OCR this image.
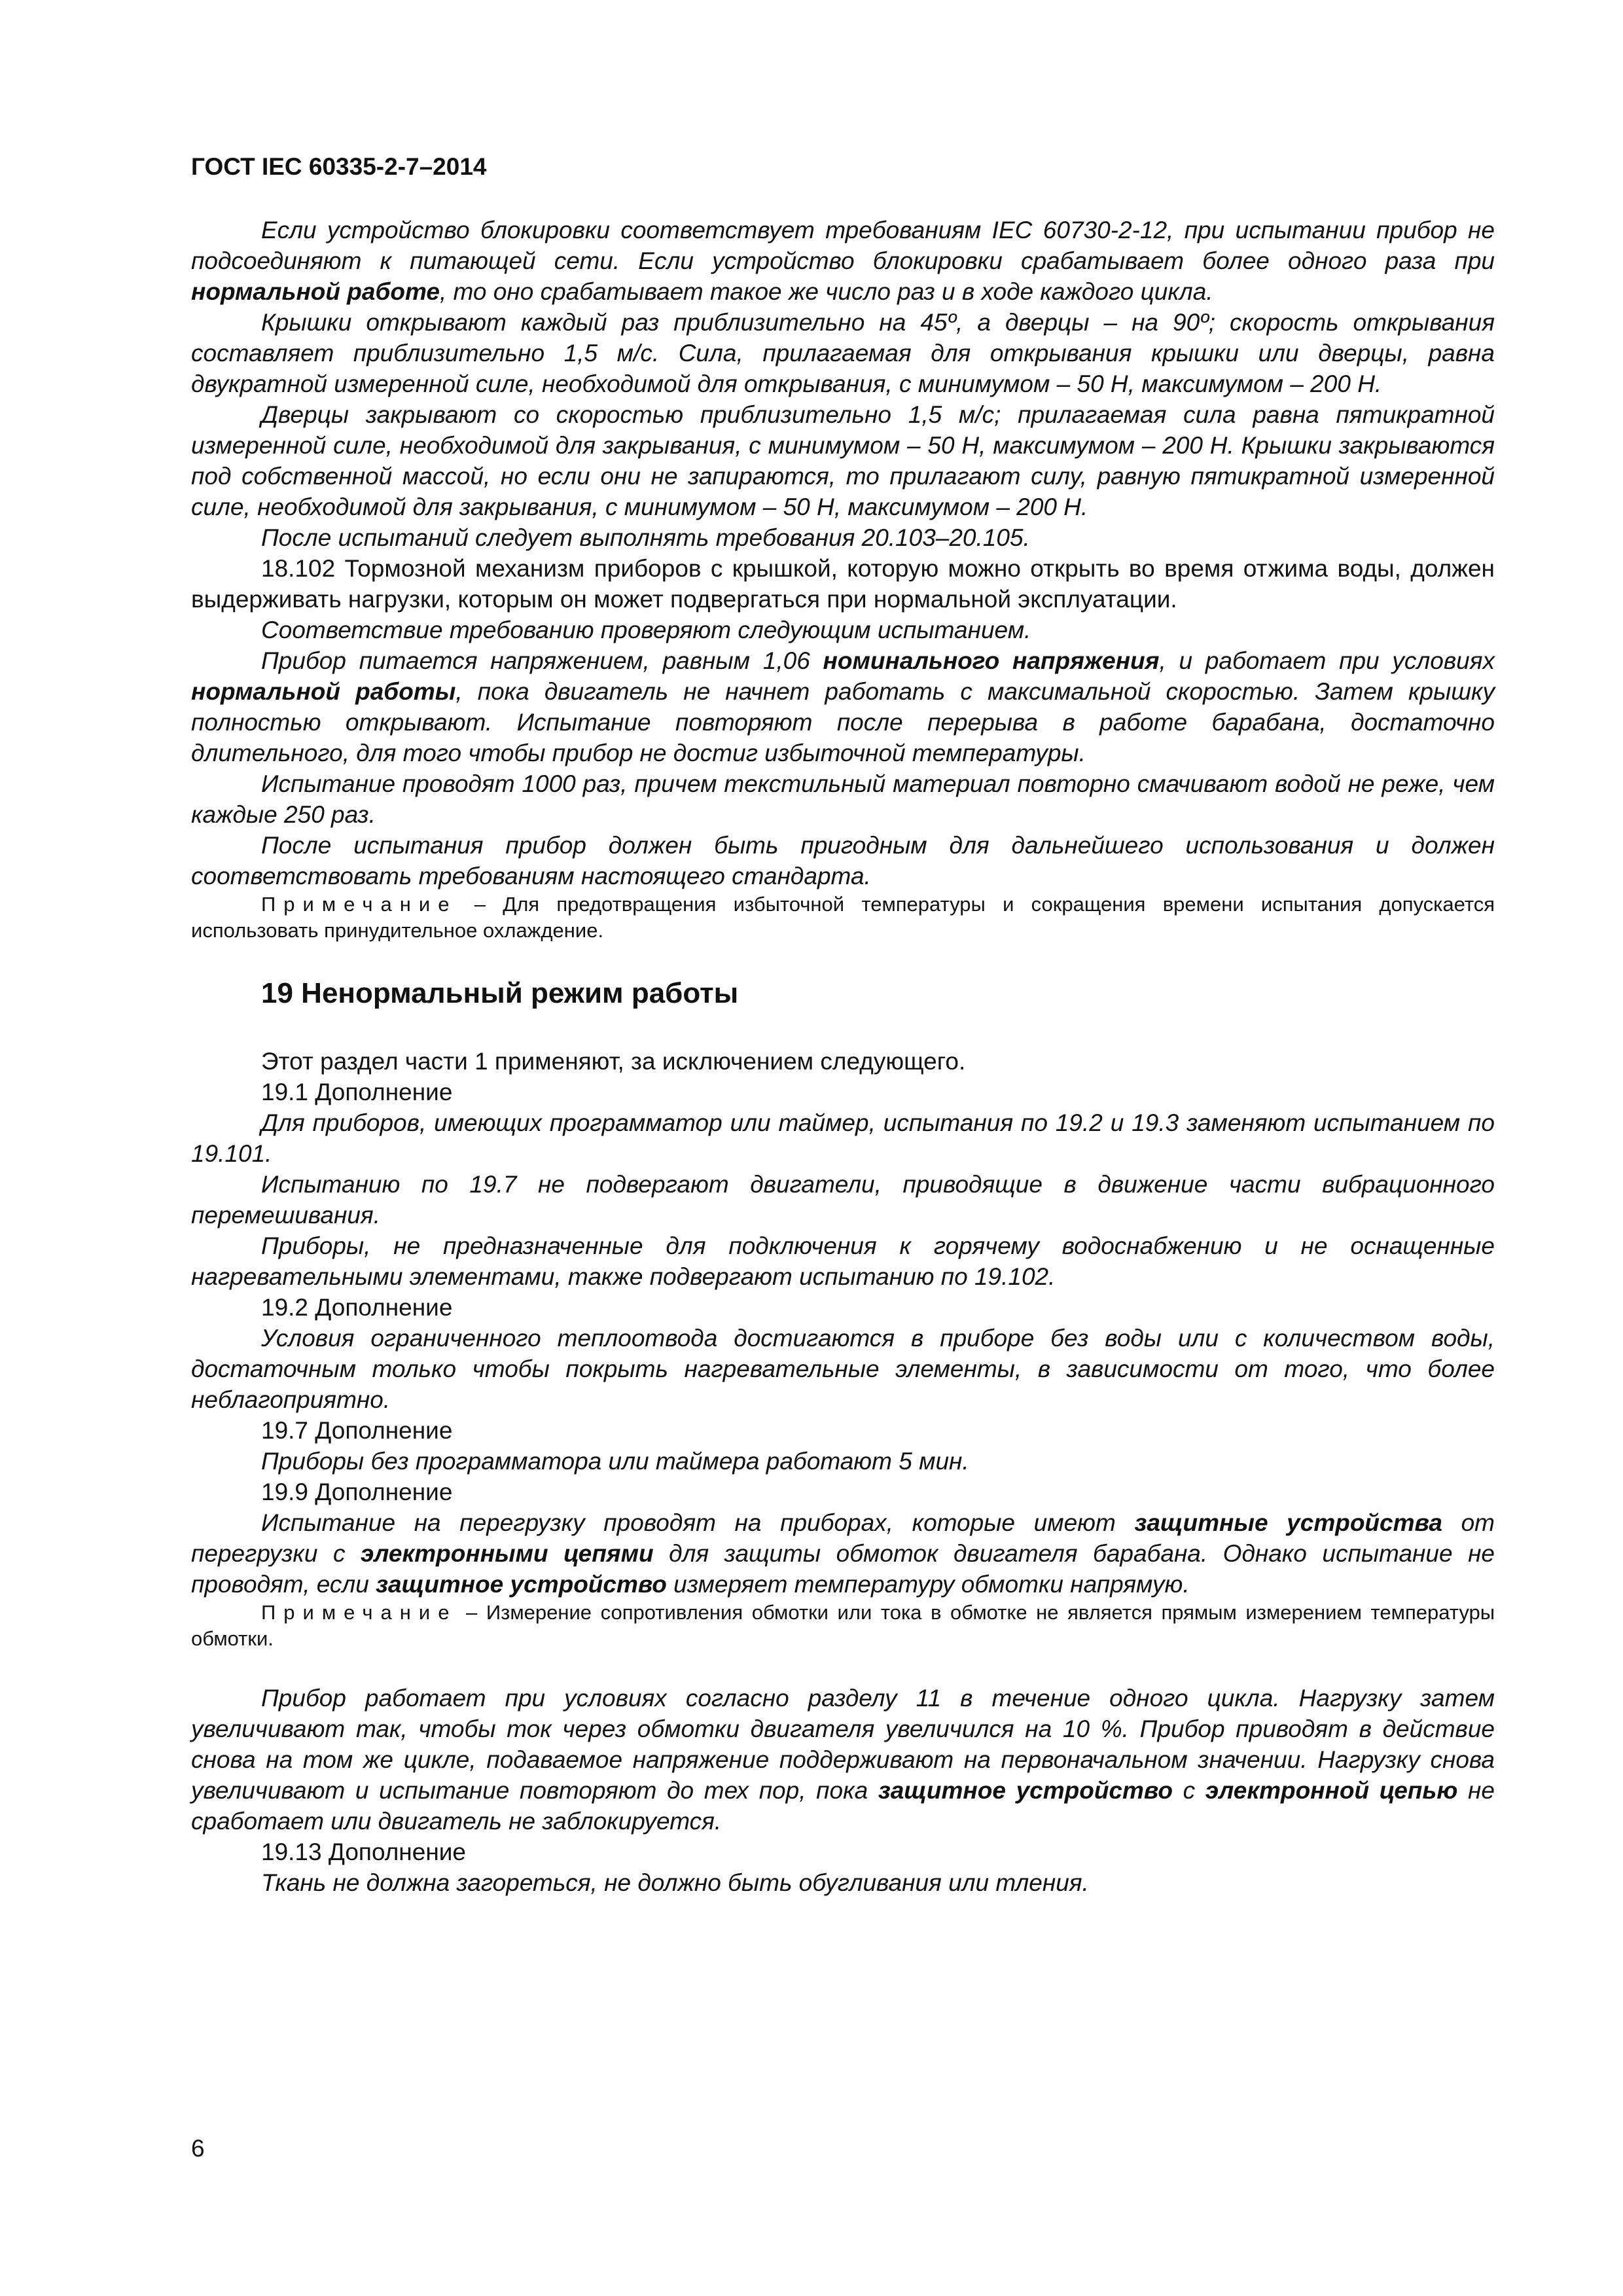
ГОСТ IEC 60335-2-7–2014

Если устройство блокировки соответствует требованиям IEC 60730-2-12, при испытании прибор не подсоединяют к питающей сети. Если устройство блокировки срабатывает более одного раза при нормальной работе, то оно срабатывает такое же число раз и в ходе каждого цикла.

Крышки открывают каждый раз приблизительно на 45º, а дверцы – на 90º; скорость открывания составляет приблизительно 1,5 м/с. Сила, прилагаемая для открывания крышки или дверцы, равна двукратной измеренной силе, необходимой для открывания, с минимумом – 50 Н, максимумом – 200 Н.

Дверцы закрывают со скоростью приблизительно 1,5 м/с; прилагаемая сила равна пятикратной измеренной силе, необходимой для закрывания, с минимумом – 50 Н, максимумом – 200 Н. Крышки закрываются под собственной массой, но если они не запираются, то прилагают силу, равную пятикратной измеренной силе, необходимой для закрывания, с минимумом – 50 Н, максимумом – 200 Н.

После испытаний следует выполнять требования 20.103–20.105.

18.102 Тормозной механизм приборов с крышкой, которую можно открыть во время отжима воды, должен выдерживать нагрузки, которым он может подвергаться при нормальной эксплуатации.

Соответствие требованию проверяют следующим испытанием.

Прибор питается напряжением, равным 1,06 номинального напряжения, и работает при условиях нормальной работы, пока двигатель не начнет работать с максимальной скоростью. Затем крышку полностью открывают. Испытание повторяют после перерыва в работе барабана, достаточно длительного, для того чтобы прибор не достиг избыточной температуры.

Испытание проводят 1000 раз, причем текстильный материал повторно смачивают водой не реже, чем каждые 250 раз.

После испытания прибор должен быть пригодным для дальнейшего использования и должен соответствовать требованиям настоящего стандарта.

Примечание – Для предотвращения избыточной температуры и сокращения времени испытания допускается использовать принудительное охлаждение.

19 Ненормальный режим работы

Этот раздел части 1 применяют, за исключением следующего.

19.1 Дополнение

Для приборов, имеющих программатор или таймер, испытания по 19.2 и 19.3 заменяют испытанием по 19.101.

Испытанию по 19.7 не подвергают двигатели, приводящие в движение части вибрационного перемешивания.

Приборы, не предназначенные для подключения к горячему водоснабжению и не оснащенные нагревательными элементами, также подвергают испытанию по 19.102.

19.2 Дополнение

Условия ограниченного теплоотвода достигаются в приборе без воды или с количеством воды, достаточным только чтобы покрыть нагревательные элементы, в зависимости от того, что более неблагоприятно.

19.7 Дополнение

Приборы без программатора или таймера работают 5 мин.

19.9 Дополнение

Испытание на перегрузку проводят на приборах, которые имеют защитные устройства от перегрузки с электронными цепями для защиты обмоток двигателя барабана. Однако испытание не проводят, если защитное устройство измеряет температуру обмотки напрямую.

Примечание – Измерение сопротивления обмотки или тока в обмотке не является прямым измерением температуры обмотки.

Прибор работает при условиях согласно разделу 11 в течение одного цикла. Нагрузку затем увеличивают так, чтобы ток через обмотки двигателя увеличился на 10 %. Прибор приводят в действие снова на том же цикле, подаваемое напряжение поддерживают на первоначальном значении. Нагрузку снова увеличивают и испытание повторяют до тех пор, пока защитное устройство с электронной цепью не сработает или двигатель не заблокируется.

19.13 Дополнение

Ткань не должна загореться, не должно быть обугливания или тления.

6
